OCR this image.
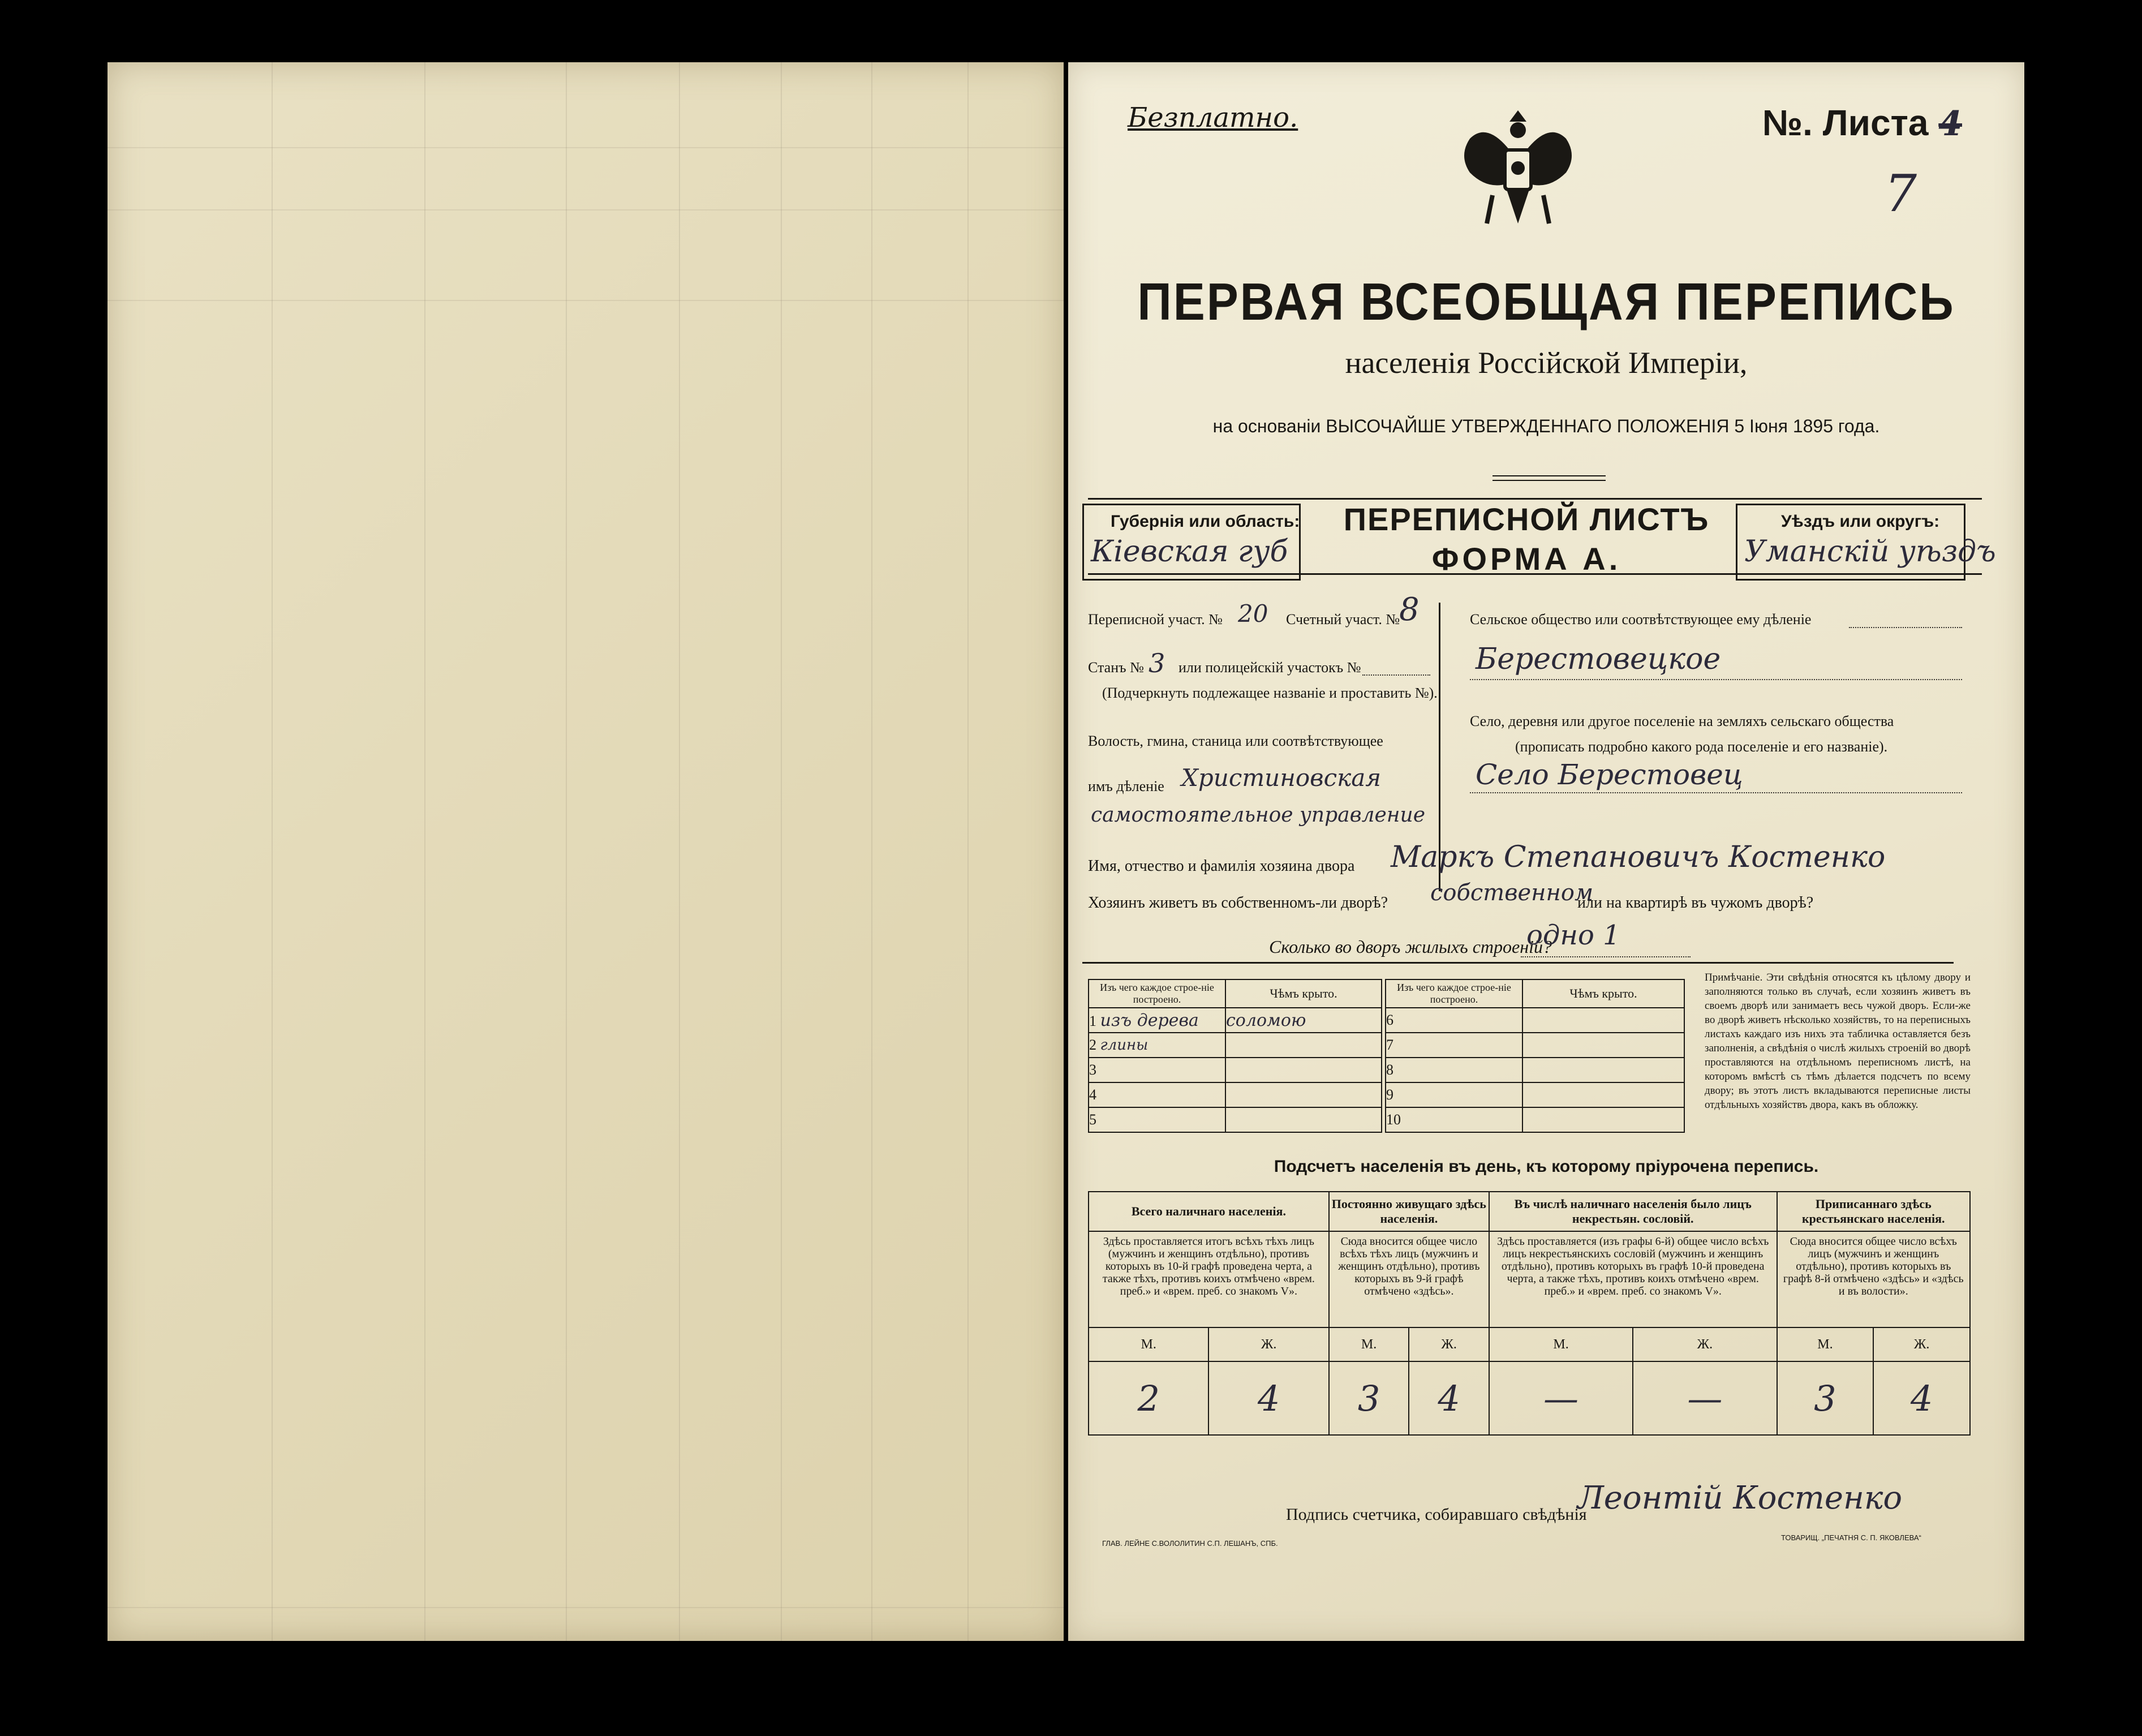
Безплатно.	№. Листа 4
7
ПЕРВАЯ ВСЕОБЩАЯ ПЕРЕПИСЬ
населенія Россійской Имперіи,
на основаніи ВЫСОЧАЙШЕ УТВЕРЖДЕННАГО ПОЛОЖЕНІЯ 5 Іюня 1895 года.
Губернія или область:
Кіевская губ
ПЕРЕПИСНОЙ ЛИСТЪ
ФОРМА А.
Уѣздъ или округъ:
Уманскій уѣздъ
Переписной участ. № 20 Счетный участ. №
8
Станъ № 3 или полицейскій участокъ №
(Подчеркнуть подлежащее названіе и проставить №).
Волость, гмина, станица или соотвѣтствующее
имъ дѣленіе Христиновская
самостоятельное управление
Сельское общество или соотвѣтствующее ему дѣленіе
Берестовецкое
Село, деревня или другое поселеніе на земляхъ сельскаго общества
(прописать подробно какого рода поселеніе и его названіе).
Село Берестовец
Имя, отчество и фамилія хозяина двора Маркъ Степановичъ Костенко
Хозяинъ живетъ въ собственномъ-ли дворѣ? собственном
или на квартирѣ въ чужомъ дворѣ?
Сколько во дворъ жилыхъ строеній?
одно 1
Изъ чего каждое строе-ніе построено.	Чѣмъ крыто.
1 изъ дерева	соломою
2 глины	
3	
4	
5	
Изъ чего каждое строе-ніе построено.	Чѣмъ крыто.
6	
7	
8	
9	
10	
Примѣчаніе. Эти свѣдѣнія относятся къ цѣлому двору и заполняются только въ случаѣ, если хозяинъ живетъ въ своемъ дворѣ или занимаетъ весь чужой дворъ. Если-же во дворѣ живетъ нѣсколько хозяйствъ, то на переписныхъ листахъ каждаго изъ нихъ эта табличка оставляется безъ заполненія, а свѣдѣнія о числѣ жилыхъ строеній во дворѣ проставляются на отдѣльномъ переписномъ листѣ, на которомъ вмѣстѣ съ тѣмъ дѣлается подсчетъ по всему двору; въ этотъ листъ вкладываются переписные листы отдѣльныхъ хозяйствъ двора, какъ въ обложку.
Подсчетъ населенія въ день, къ которому пріурочена перепись.
Всего наличнаго населенія.		Постоянно живущаго здѣсь населенія.		Въ числѣ наличнаго населенія было лицъ некрестьян. сословій.		Приписаннаго здѣсь крестьянскаго населенія.	
Здѣсь проставляется итогъ всѣхъ тѣхъ лицъ (мужчинъ и женщинъ отдѣльно), противъ которыхъ въ 10-й графѣ проведена черта, а также тѣхъ, противъ коихъ отмѣчено «врем. преб.» и «врем. преб. со знакомъ V».		Сюда вносится общее число всѣхъ тѣхъ лицъ (мужчинъ и женщинъ отдѣльно), противъ которыхъ въ 9-й графѣ отмѣчено «здѣсь».		Здѣсь проставляется (изъ графы 6-й) общее число всѣхъ лицъ некрестьянскихъ сословій (мужчинъ и женщинъ отдѣльно), противъ которыхъ въ графѣ 10-й проведена черта, а также тѣхъ, противъ коихъ отмѣчено «врем. преб.» и «врем. преб. со знакомъ V».		Сюда вносится общее число всѣхъ лицъ (мужчинъ и женщинъ отдѣльно), противъ которыхъ въ графѣ 8-й отмѣчено «здѣсь» и «здѣсь и въ волости».	
М.	Ж.	М.	Ж.	М.	Ж.	М.	Ж.
2	4	3	4	—	—	3	4
Подпись счетчика, собиравшаго свѣдѣнія
Леонтій Костенко
ГЛАВ. ЛЕЙНЕ С.ВОЛОЛИТИН С.П. ЛЕШАНЪ, СПБ.
ТОВАРИЩ. „ПЕЧАТНЯ С. П. ЯКОВЛЕВА“
